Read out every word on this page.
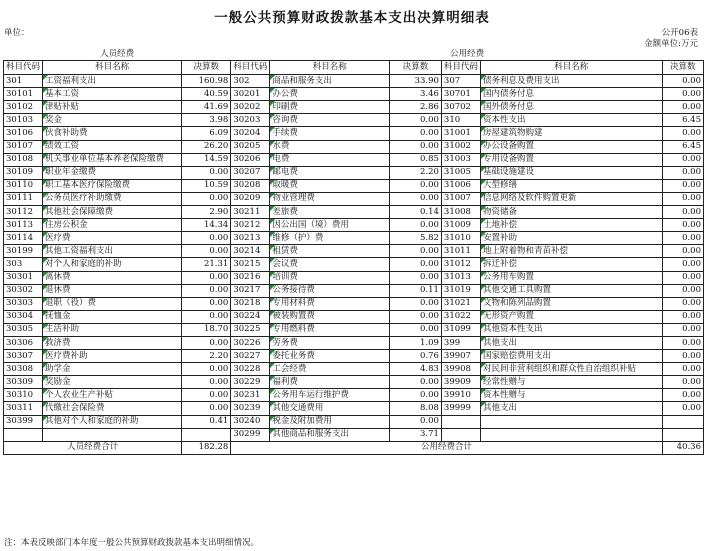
一般公共预算财政拨款基本支出决算明细表
单位：	公开06表
金额单位:万元
人员经费			公用经费					
科目代码	科目名称	决算数	科目代码	科目名称	决算数	科目代码	科目名称	决算数
301	工资福利支出	160.98	302	商品和服务支出	33.90	307	债务利息及费用支出	0.00
30101	基本工资	40.59	30201	办公费	3.46	30701	国内债务付息	0.00
30102	津贴补贴	41.69	30202	印刷费	2.86	30702	国外债务付息	0.00
30103	奖金	3.98	30203	咨询费	0.00	310	资本性支出	6.45
30106	伙食补助费	6.09	30204	手续费	0.00	31001	房屋建筑物购建	0.00
30107	绩效工资	26.20	30205	水费	0.00	31002	办公设备购置	6.45
30108	机关事业单位基本养老保险缴费	14.59	30206	电费	0.85	31003	专用设备购置	0.00
30109	职业年金缴费	0.00	30207	邮电费	2.20	31005	基础设施建设	0.00
30110	职工基本医疗保险缴费	10.59	30208	取暖费	0.00	31006	大型修缮	0.00
30111	公务员医疗补助缴费	0.00	30209	物业管理费	0.00	31007	信息网络及软件购置更新	0.00
30112	其他社会保障缴费	2.90	30211	差旅费	0.14	31008	物资储备	0.00
30113	住房公积金	14.34	30212	因公出国（境）费用	0.00	31009	土地补偿	0.00
30114	医疗费	0.00	30213	维修（护）费	5.82	31010	安置补助	0.00
30199	其他工资福利支出	0.00	30214	租赁费	0.00	31011	地上附着物和青苗补偿	0.00
303	对个人和家庭的补助	21.31	30215	会议费	0.00	31012	拆迁补偿	0.00
30301	离休费	0.00	30216	培训费	0.00	31013	公务用车购置	0.00
30302	退休费	0.00	30217	公务接待费	0.11	31019	其他交通工具购置	0.00
30303	退职（役）费	0.00	30218	专用材料费	0.00	31021	文物和陈列品购置	0.00
30304	抚恤金	0.00	30224	被装购置费	0.00	31022	无形资产购置	0.00
30305	生活补助	18.70	30225	专用燃料费	0.00	31099	其他资本性支出	0.00
30306	救济费	0.00	30226	劳务费	1.09	399	其他支出	0.00
30307	医疗费补助	2.20	30227	委托业务费	0.76	39907	国家赔偿费用支出	0.00
30308	助学金	0.00	30228	工会经费	4.83	39908	对民间非营利组织和群众性自治组织补贴	0.00
30309	奖励金	0.00	30229	福利费	0.00	39909	经常性赠与	0.00
30310	个人农业生产补贴	0.00	30231	公务用车运行维护费	0.00	39910	资本性赠与	0.00
30311	代缴社会保险费	0.00	30239	其他交通费用	8.08	39999	其他支出	0.00
30399	其他对个人和家庭的补助	0.41	30240	税金及附加费用	0.00			
			30299	其他商品和服务支出	3.71			
人员经费合计		182.28	公用经费合计					40.36
注：本表反映部门本年度一般公共预算财政拨款基本支出明细情况。
